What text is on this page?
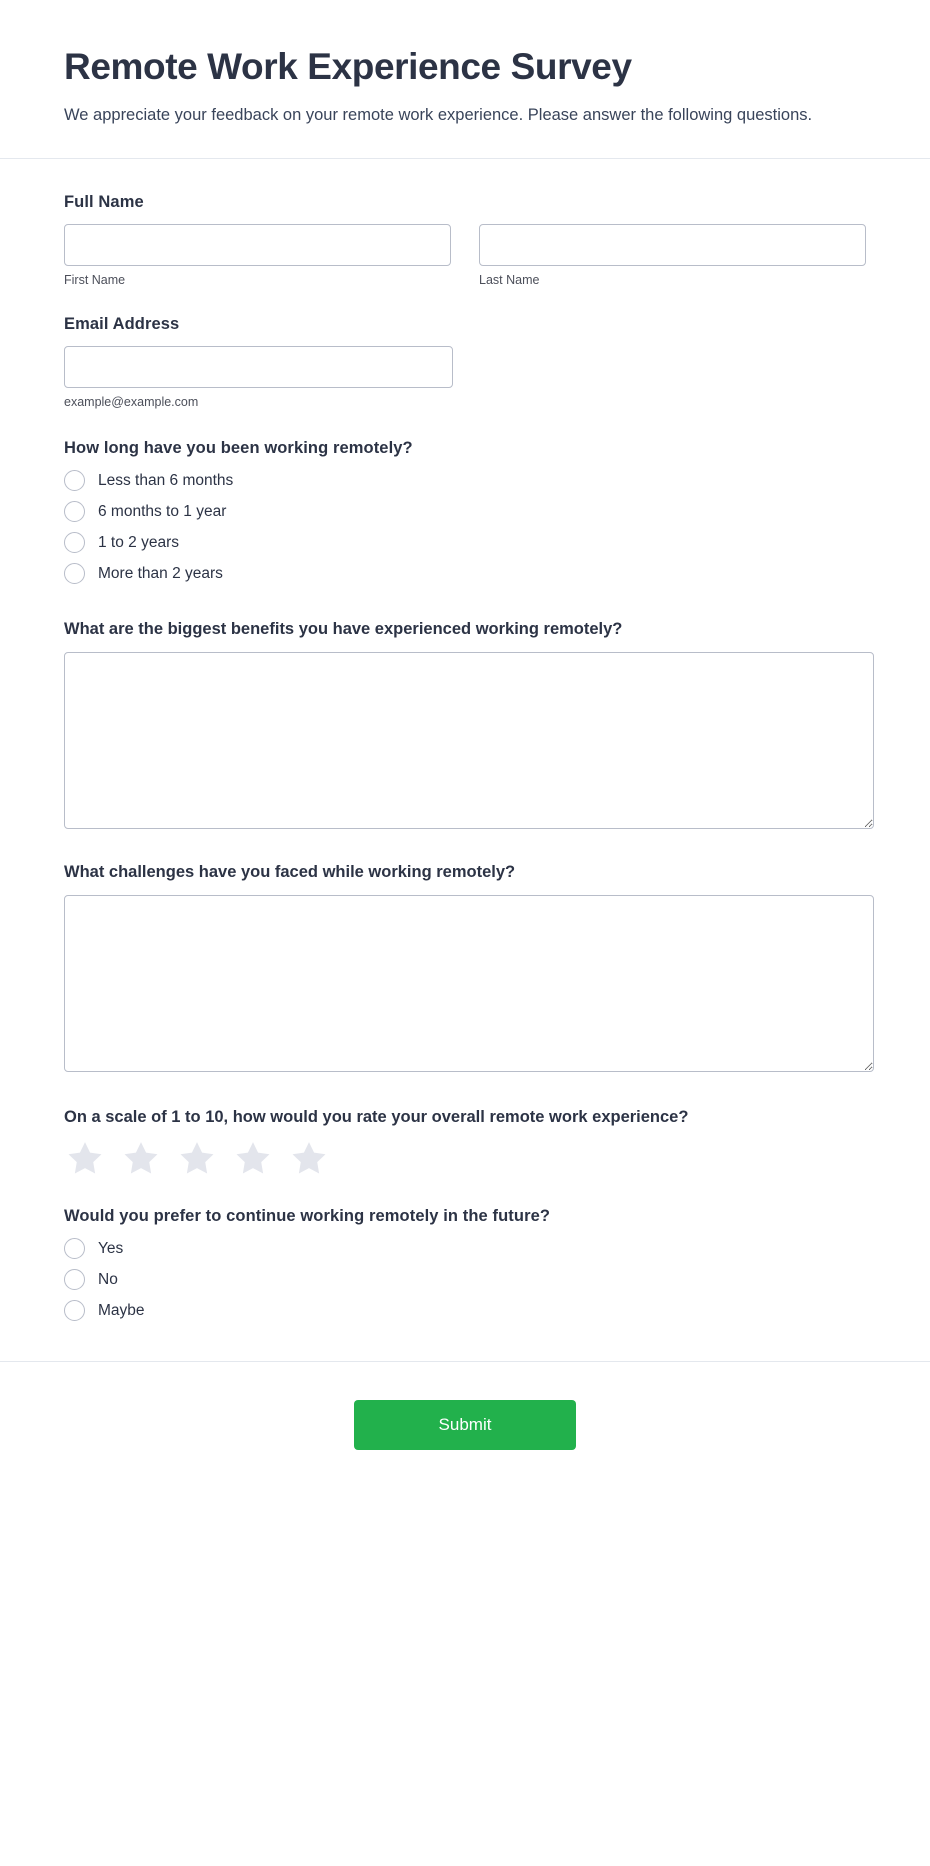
Remote Work Experience Survey

We appreciate your feedback on your remote work experience. Please answer the following questions.

Full Name
First Name	Last Name
Email Address
example@example.com
How long have you been working remotely?
Less than 6 months
6 months to 1 year
1 to 2 years
More than 2 years
What are the biggest benefits you have experienced working remotely?
What challenges have you faced while working remotely?
On a scale of 1 to 10, how would you rate your overall remote work experience?
Would you prefer to continue working remotely in the future?
Yes
No
Maybe
Submit
